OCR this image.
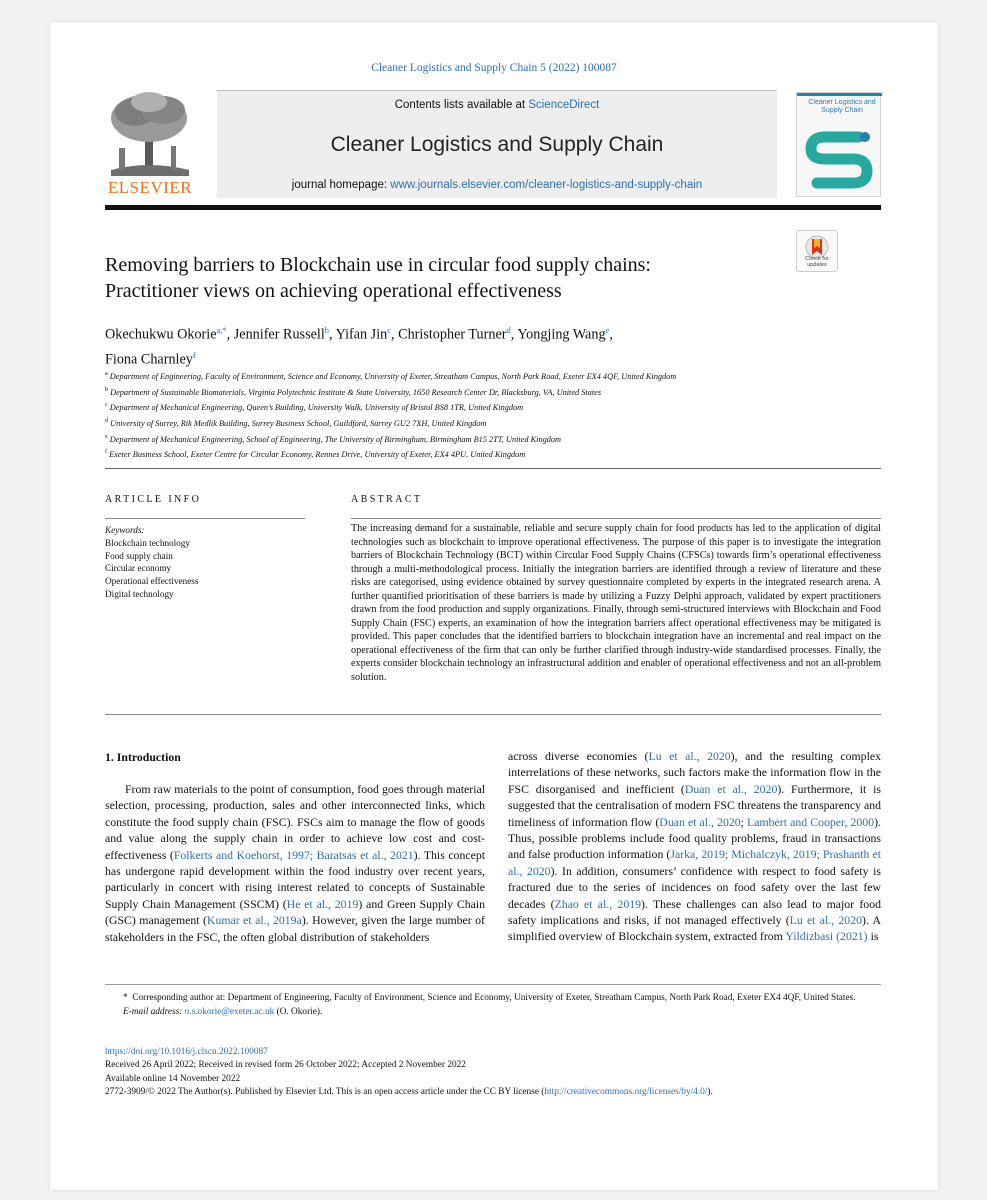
Cleaner Logistics and Supply Chain 5 (2022) 100087
ELSEVIER
Contents lists available at ScienceDirect
Cleaner Logistics and Supply Chain
journal homepage: www.journals.elsevier.com/cleaner-logistics-and-supply-chain
Cleaner Logistics and Supply Chain
Check for updates
Removing barriers to Blockchain use in circular food supply chains:
Practitioner views on achieving operational effectiveness
Okechukwu Okorie$^{a,*}$, Jennifer Russell$^b$, Yifan Jin$^c$, Christopher Turner$^d$, Yongjing Wang$^e$,
Fiona Charnley$^f$
$^a$ Department of Engineering, Faculty of Environment, Science and Economy, University of Exeter, Streatham Campus, North Park Road, Exeter EX4 4QF, United Kingdom
$^b$ Department of Sustainable Biomaterials, Virginia Polytechnic Institute & State University, 1650 Research Center Dr, Blacksburg, VA, United States
$^c$ Department of Mechanical Engineering, Queen’s Building, University Walk, University of Bristol BS8 1TR, United Kingdom
$^d$ University of Surrey, Rik Medlik Building, Surrey Business School, Guildford, Surrey GU2 7XH, United Kingdom
$^e$ Department of Mechanical Engineering, School of Engineering, The University of Birmingham, Birmingham B15 2TT, United Kingdom
$^f$ Exeter Business School, Exeter Centre for Circular Economy, Rennes Drive, University of Exeter, EX4 4PU, United Kingdom
ARTICLE INFO	ABSTRACT
Keywords:
Blockchain technology
Food supply chain
Circular economy
Operational effectiveness
Digital technology
The increasing demand for a sustainable, reliable and secure supply chain for food products has led to the application of digital technologies such as blockchain to improve operational effectiveness. The purpose of this paper is to investigate the integration barriers of Blockchain Technology (BCT) within Circular Food Supply Chains (CFSCs) towards firm’s operational effectiveness through a multi-methodological process. Initially the integration barriers are identified through a review of literature and these risks are categorised, using evidence obtained by survey questionnaire completed by experts in the integrated research arena. A further quantified prioritisation of these barriers is made by utilizing a Fuzzy Delphi approach, validated by expert practitioners drawn from the food production and supply organizations. Finally, through semi-structured interviews with Blockchain and Food Supply Chain (FSC) experts, an examination of how the integration barriers affect operational effectiveness may be mitigated is provided. This paper concludes that the identified barriers to blockchain integration have an incremental and real impact on the operational effectiveness of the firm that can only be further clarified through industry-wide standardised processes. Finally, the experts consider blockchain technology an infrastructural addition and enabler of operational effectiveness and not an all-problem solution.
1. Introduction

From raw materials to the point of consumption, food goes through material selection, processing, production, sales and other interconnected links, which constitute the food supply chain (FSC). FSCs aim to manage the flow of goods and value along the supply chain in order to achieve low cost and cost-effectiveness (Folkerts and Koehorst, 1997; Baratsas et al., 2021). This concept has undergone rapid development within the food industry over recent years, particularly in concert with rising interest related to concepts of Sustainable Supply Chain Management (SSCM) (He et al., 2019) and Green Supply Chain (GSC) management (Kumar et al., 2019a). However, given the large number of stakeholders in the FSC, the often global distribution of stakeholders

across diverse economies (Lu et al., 2020), and the resulting complex interrelations of these networks, such factors make the information flow in the FSC disorganised and inefficient (Duan et al., 2020). Furthermore, it is suggested that the centralisation of modern FSC threatens the transparency and timeliness of information flow (Duan et al., 2020; Lambert and Cooper, 2000). Thus, possible problems include food quality problems, fraud in transactions and false production information (Jarka, 2019; Michalczyk, 2019; Prashanth et al., 2020). In addition, consumers’ confidence with respect to food safety is fractured due to the series of incidences on food safety over the last few decades (Zhao et al., 2019). These challenges can also lead to major food safety implications and risks, if not managed effectively (Lu et al., 2020). A simplified overview of Blockchain system, extracted from Yildizbasi (2021) is
* Corresponding author at: Department of Engineering, Faculty of Environment, Science and Economy, University of Exeter, Streatham Campus, North Park Road, Exeter EX4 4QF, United States.
E-mail address: o.s.okorie@exeter.ac.uk (O. Okorie).
https://doi.org/10.1016/j.clscn.2022.100087
Received 26 April 2022; Received in revised form 26 October 2022; Accepted 2 November 2022
Available online 14 November 2022
2772-3909/© 2022 The Author(s). Published by Elsevier Ltd. This is an open access article under the CC BY license (http://creativecommons.org/licenses/by/4.0/).
